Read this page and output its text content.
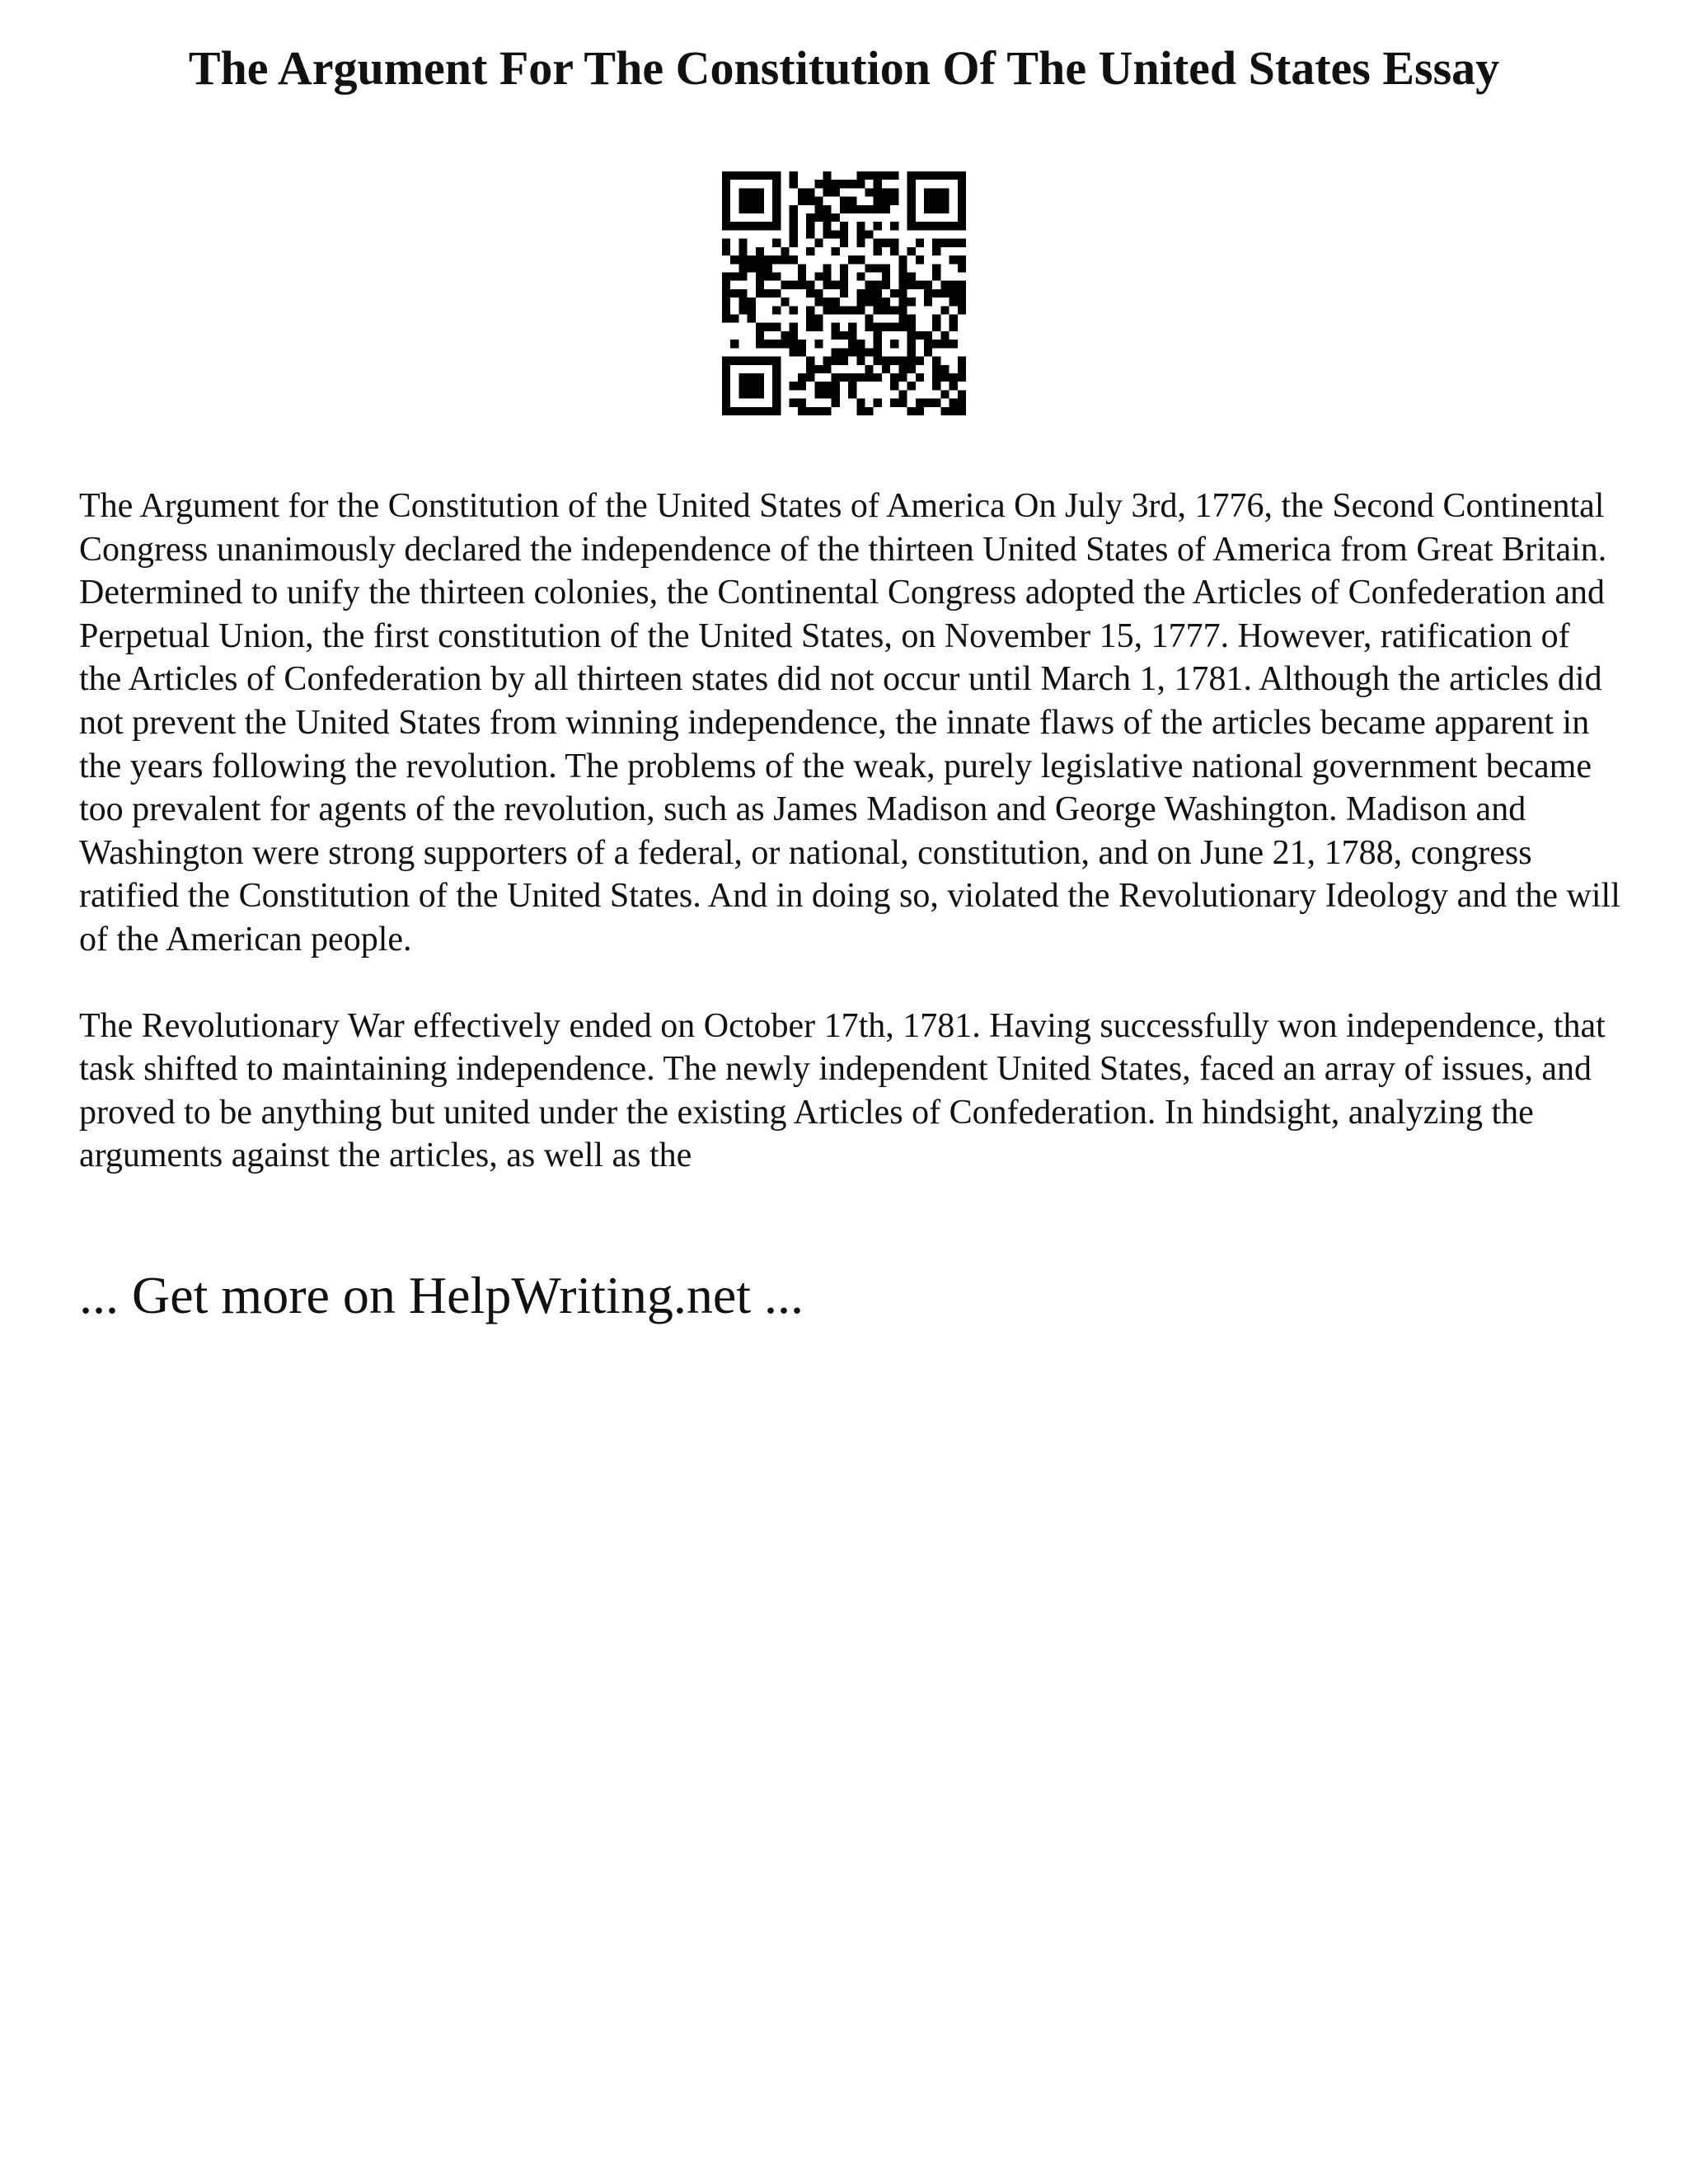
The Argument For The Constitution Of The United States Essay

The Argument for the Constitution of the United States of America On July 3rd, 1776, the Second Continental Congress unanimously declared the independence of the thirteen United States of America from Great Britain. Determined to unify the thirteen colonies, the Continental Congress adopted the Articles of Confederation and Perpetual Union, the first constitution of the United States, on November 15, 1777. However, ratification of the Articles of Confederation by all thirteen states did not occur until March 1, 1781. Although the articles did not prevent the United States from winning independence, the innate flaws of the articles became apparent in the years following the revolution. The problems of the weak, purely legislative national government became too prevalent for agents of the revolution, such as James Madison and George Washington. Madison and Washington were strong supporters of a federal, or national, constitution, and on June 21, 1788, congress ratified the Constitution of the United States. And in doing so, violated the Revolutionary Ideology and the will of the American people.

The Revolutionary War effectively ended on October 17th, 1781. Having successfully won independence, that task shifted to maintaining independence. The newly independent United States, faced an array of issues, and proved to be anything but united under the existing Articles of Confederation. In hindsight, analyzing the arguments against the articles, as well as the

... Get more on HelpWriting.net ...
